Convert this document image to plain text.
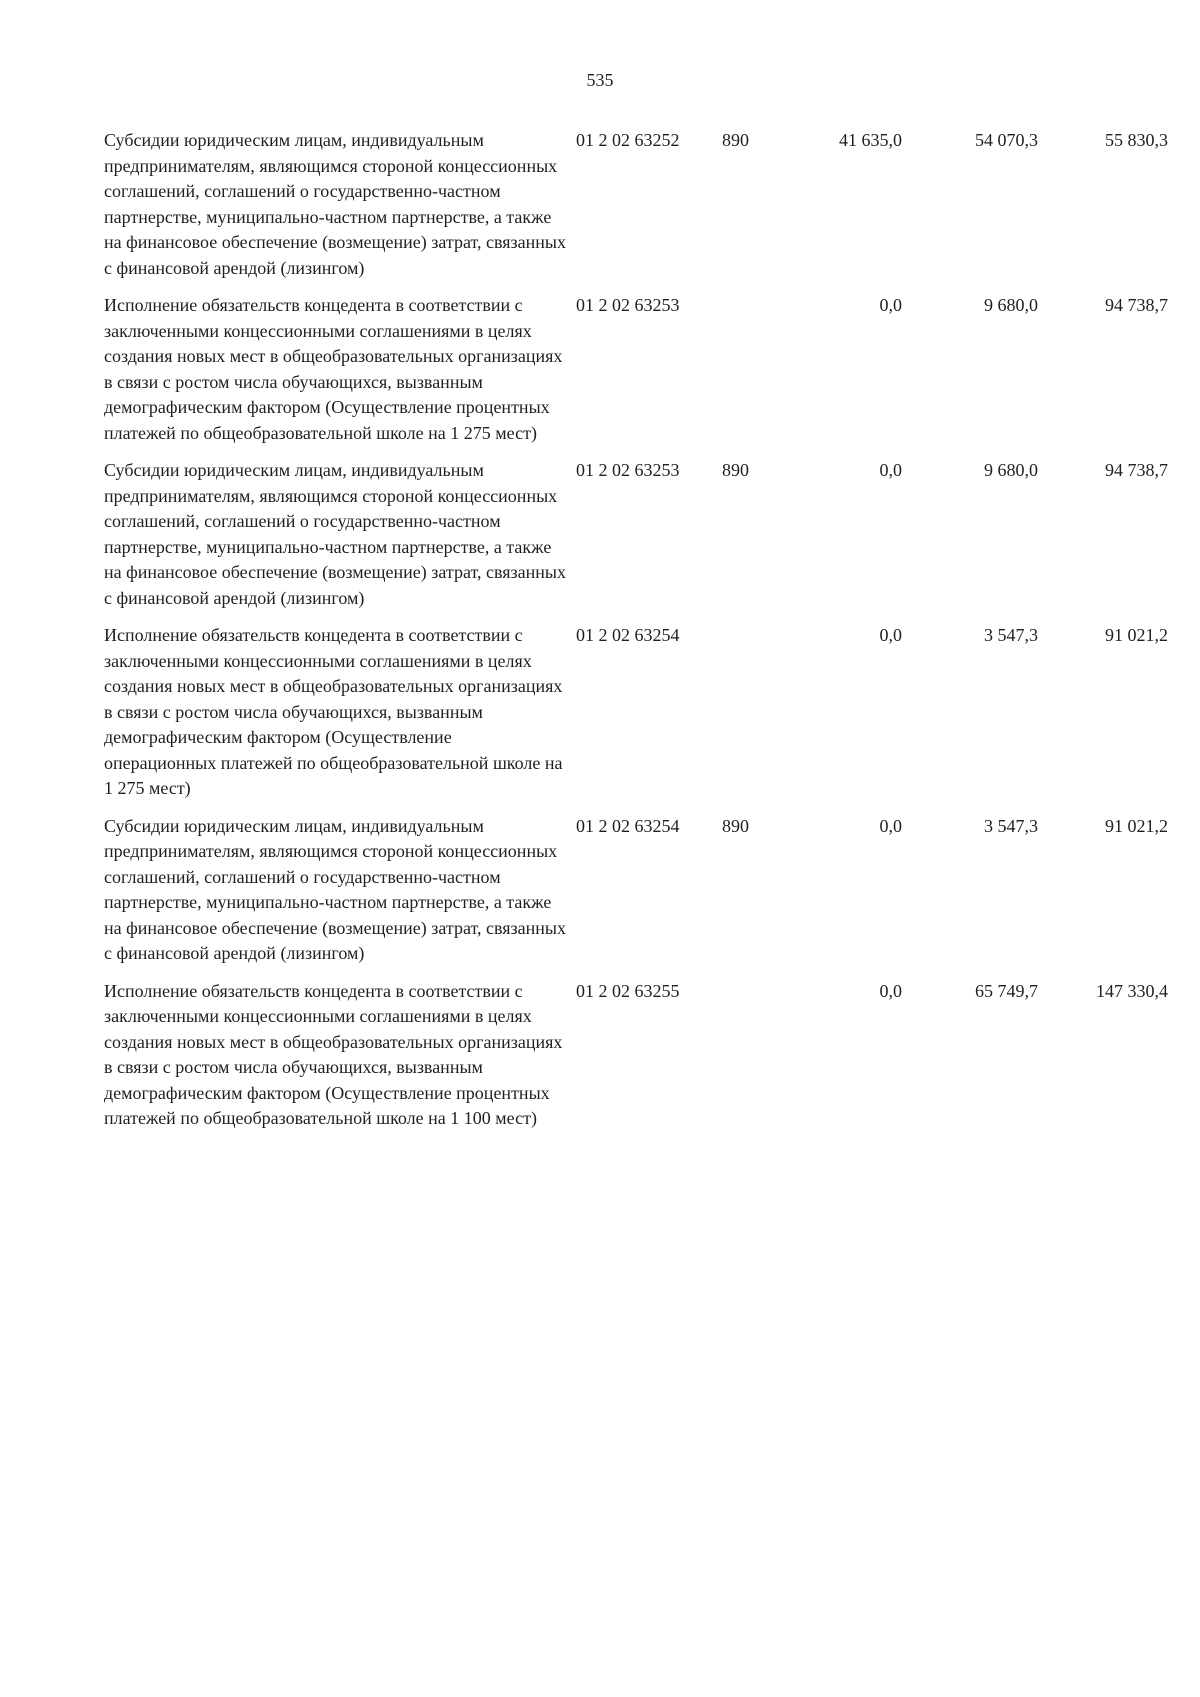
535
Субсидии юридическим лицам, индивидуальным предпринимателям, являющимся стороной концессионных соглашений, соглашений о государственно-частном партнерстве, муниципально-частном партнерстве, а также на финансовое обеспечение (возмещение) затрат, связанных с финансовой арендой (лизингом)	01 2 02 63252	890	41 635,0	54 070,3	55 830,3
Исполнение обязательств концедента в соответствии с заключенными концессионными соглашениями в целях создания новых мест в общеобразовательных организациях в связи с ростом числа обучающихся, вызванным демографическим фактором (Осуществление процентных платежей по общеобразовательной школе на 1 275 мест)	01 2 02 63253		0,0	9 680,0	94 738,7
Субсидии юридическим лицам, индивидуальным предпринимателям, являющимся стороной концессионных соглашений, соглашений о государственно-частном партнерстве, муниципально-частном партнерстве, а также на финансовое обеспечение (возмещение) затрат, связанных с финансовой арендой (лизингом)	01 2 02 63253	890	0,0	9 680,0	94 738,7
Исполнение обязательств концедента в соответствии с заключенными концессионными соглашениями в целях создания новых мест в общеобразовательных организациях в связи с ростом числа обучающихся, вызванным демографическим фактором (Осуществление операционных платежей по общеобразовательной школе на 1 275 мест)	01 2 02 63254		0,0	3 547,3	91 021,2
Субсидии юридическим лицам, индивидуальным предпринимателям, являющимся стороной концессионных соглашений, соглашений о государственно-частном партнерстве, муниципально-частном партнерстве, а также на финансовое обеспечение (возмещение) затрат, связанных с финансовой арендой (лизингом)	01 2 02 63254	890	0,0	3 547,3	91 021,2
Исполнение обязательств концедента в соответствии с заключенными концессионными соглашениями в целях создания новых мест в общеобразовательных организациях в связи с ростом числа обучающихся, вызванным демографическим фактором (Осуществление процентных платежей по общеобразовательной школе на 1 100 мест)	01 2 02 63255		0,0	65 749,7	147 330,4
